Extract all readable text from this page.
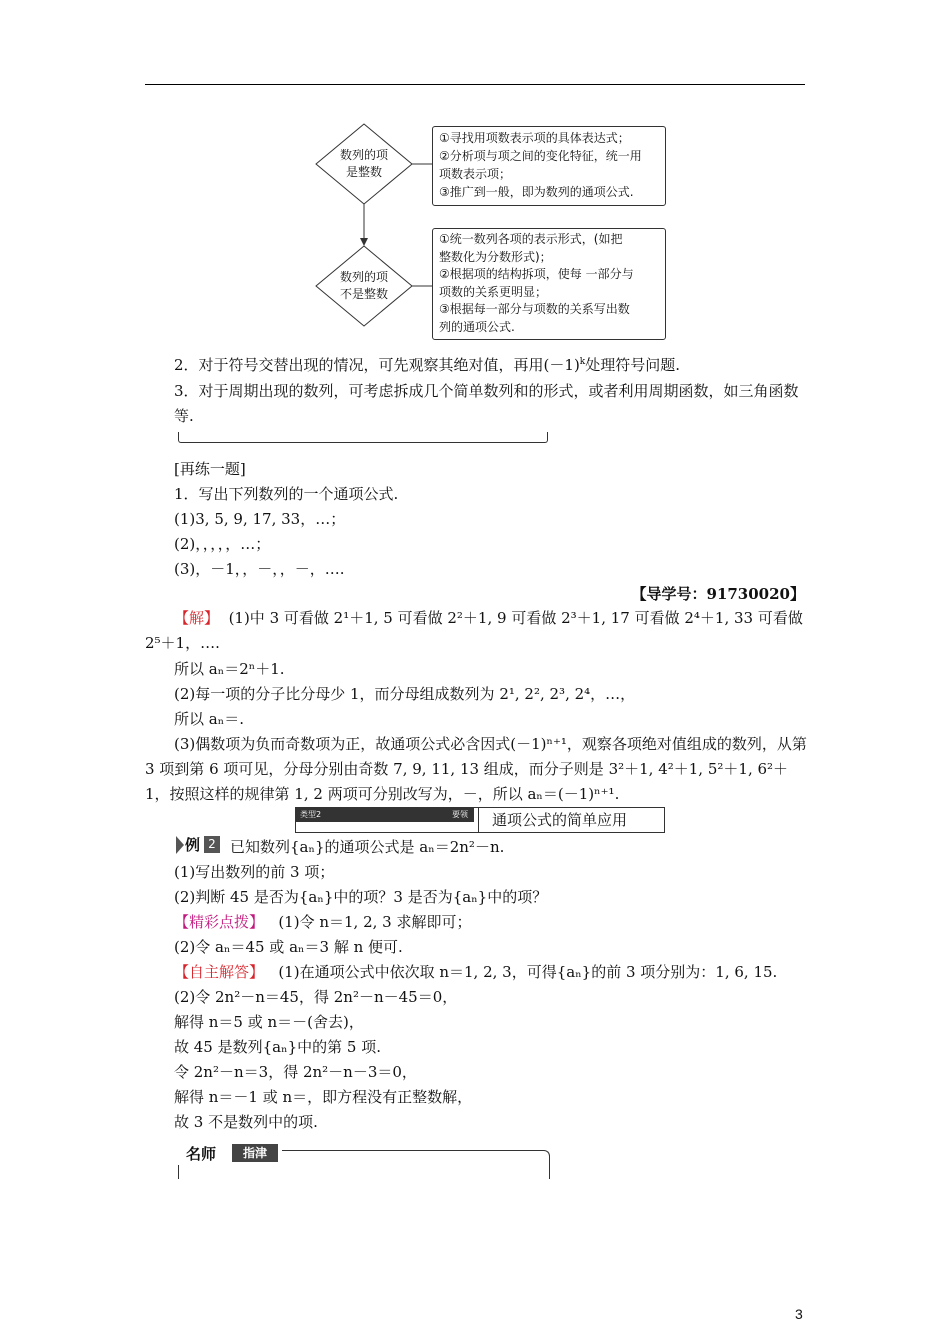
数列的项
是整数
数列的项
不是整数
①寻找用项数表示项的具体表达式；
②分析项与项之间的变化特征，统一用
项数表示项；
③推广到一般，即为数列的通项公式.
①统一数列各项的表示形式，(如把
整数化为分数形式)；
②根据项的结构拆项，使每 一部分与
项数的关系更明显；
③根据每一部分与项数的关系写出数
列的通项公式.
2．对于符号交替出现的情况，可先观察其绝对值，再用$(-1)^k$处理符号问题.
3．对于周期出现的数列，可考虑拆成几个简单数列和的形式，或者利用周期函数，如三角函数等.
[再练一题]
1．写出下列数列的一个通项公式.
(1)3, 5, 9, 17, 33，…；
(2)，，，，，…；
(3)，－1，，－，，－，….
【导学号：91730020】
【解】 (1)中 3 可看做 2¹＋1, 5 可看做 2²＋1, 9 可看做 2³＋1, 17 可看做 2⁴＋1, 33 可看做 2⁵＋1，….
所以 aₙ＝2ⁿ＋1.
(2)每一项的分子比分母少 1，而分母组成数列为 2¹, 2², 2³, 2⁴，…，
所以 aₙ＝.
(3)偶数项为负而奇数项为正，故通项公式必含因式(－1)ⁿ⁺¹，观察各项绝对值组成的数列，从第 3 项到第 6 项可见，分母分别由奇数 7, 9, 11, 13 组成，而分子则是 3²＋1, 4²＋1, 5²＋1, 6²＋1，按照这样的规律第 1, 2 两项可分别改写为，－，所以 aₙ＝(－1)ⁿ⁺¹.
类型2	要领 通项公式的简单应用
例 2 已知数列{aₙ}的通项公式是 aₙ＝2n²－n.
(1)写出数列的前 3 项；
(2)判断 45 是否为{aₙ}中的项？3 是否为{aₙ}中的项？
【精彩点拨】 (1)令 n＝1, 2, 3 求解即可；
(2)令 aₙ＝45 或 aₙ＝3 解 n 便可.
【自主解答】 (1)在通项公式中依次取 n＝1, 2, 3，可得{aₙ}的前 3 项分别为：1, 6, 15.
(2)令 2n²－n＝45，得 2n²－n－45＝0，
解得 n＝5 或 n＝－(舍去)，
故 45 是数列{aₙ}中的第 5 项.
令 2n²－n＝3，得 2n²－n－3＝0，
解得 n＝－1 或 n＝，即方程没有正整数解，
故 3 不是数列中的项.
名师	指津
3
